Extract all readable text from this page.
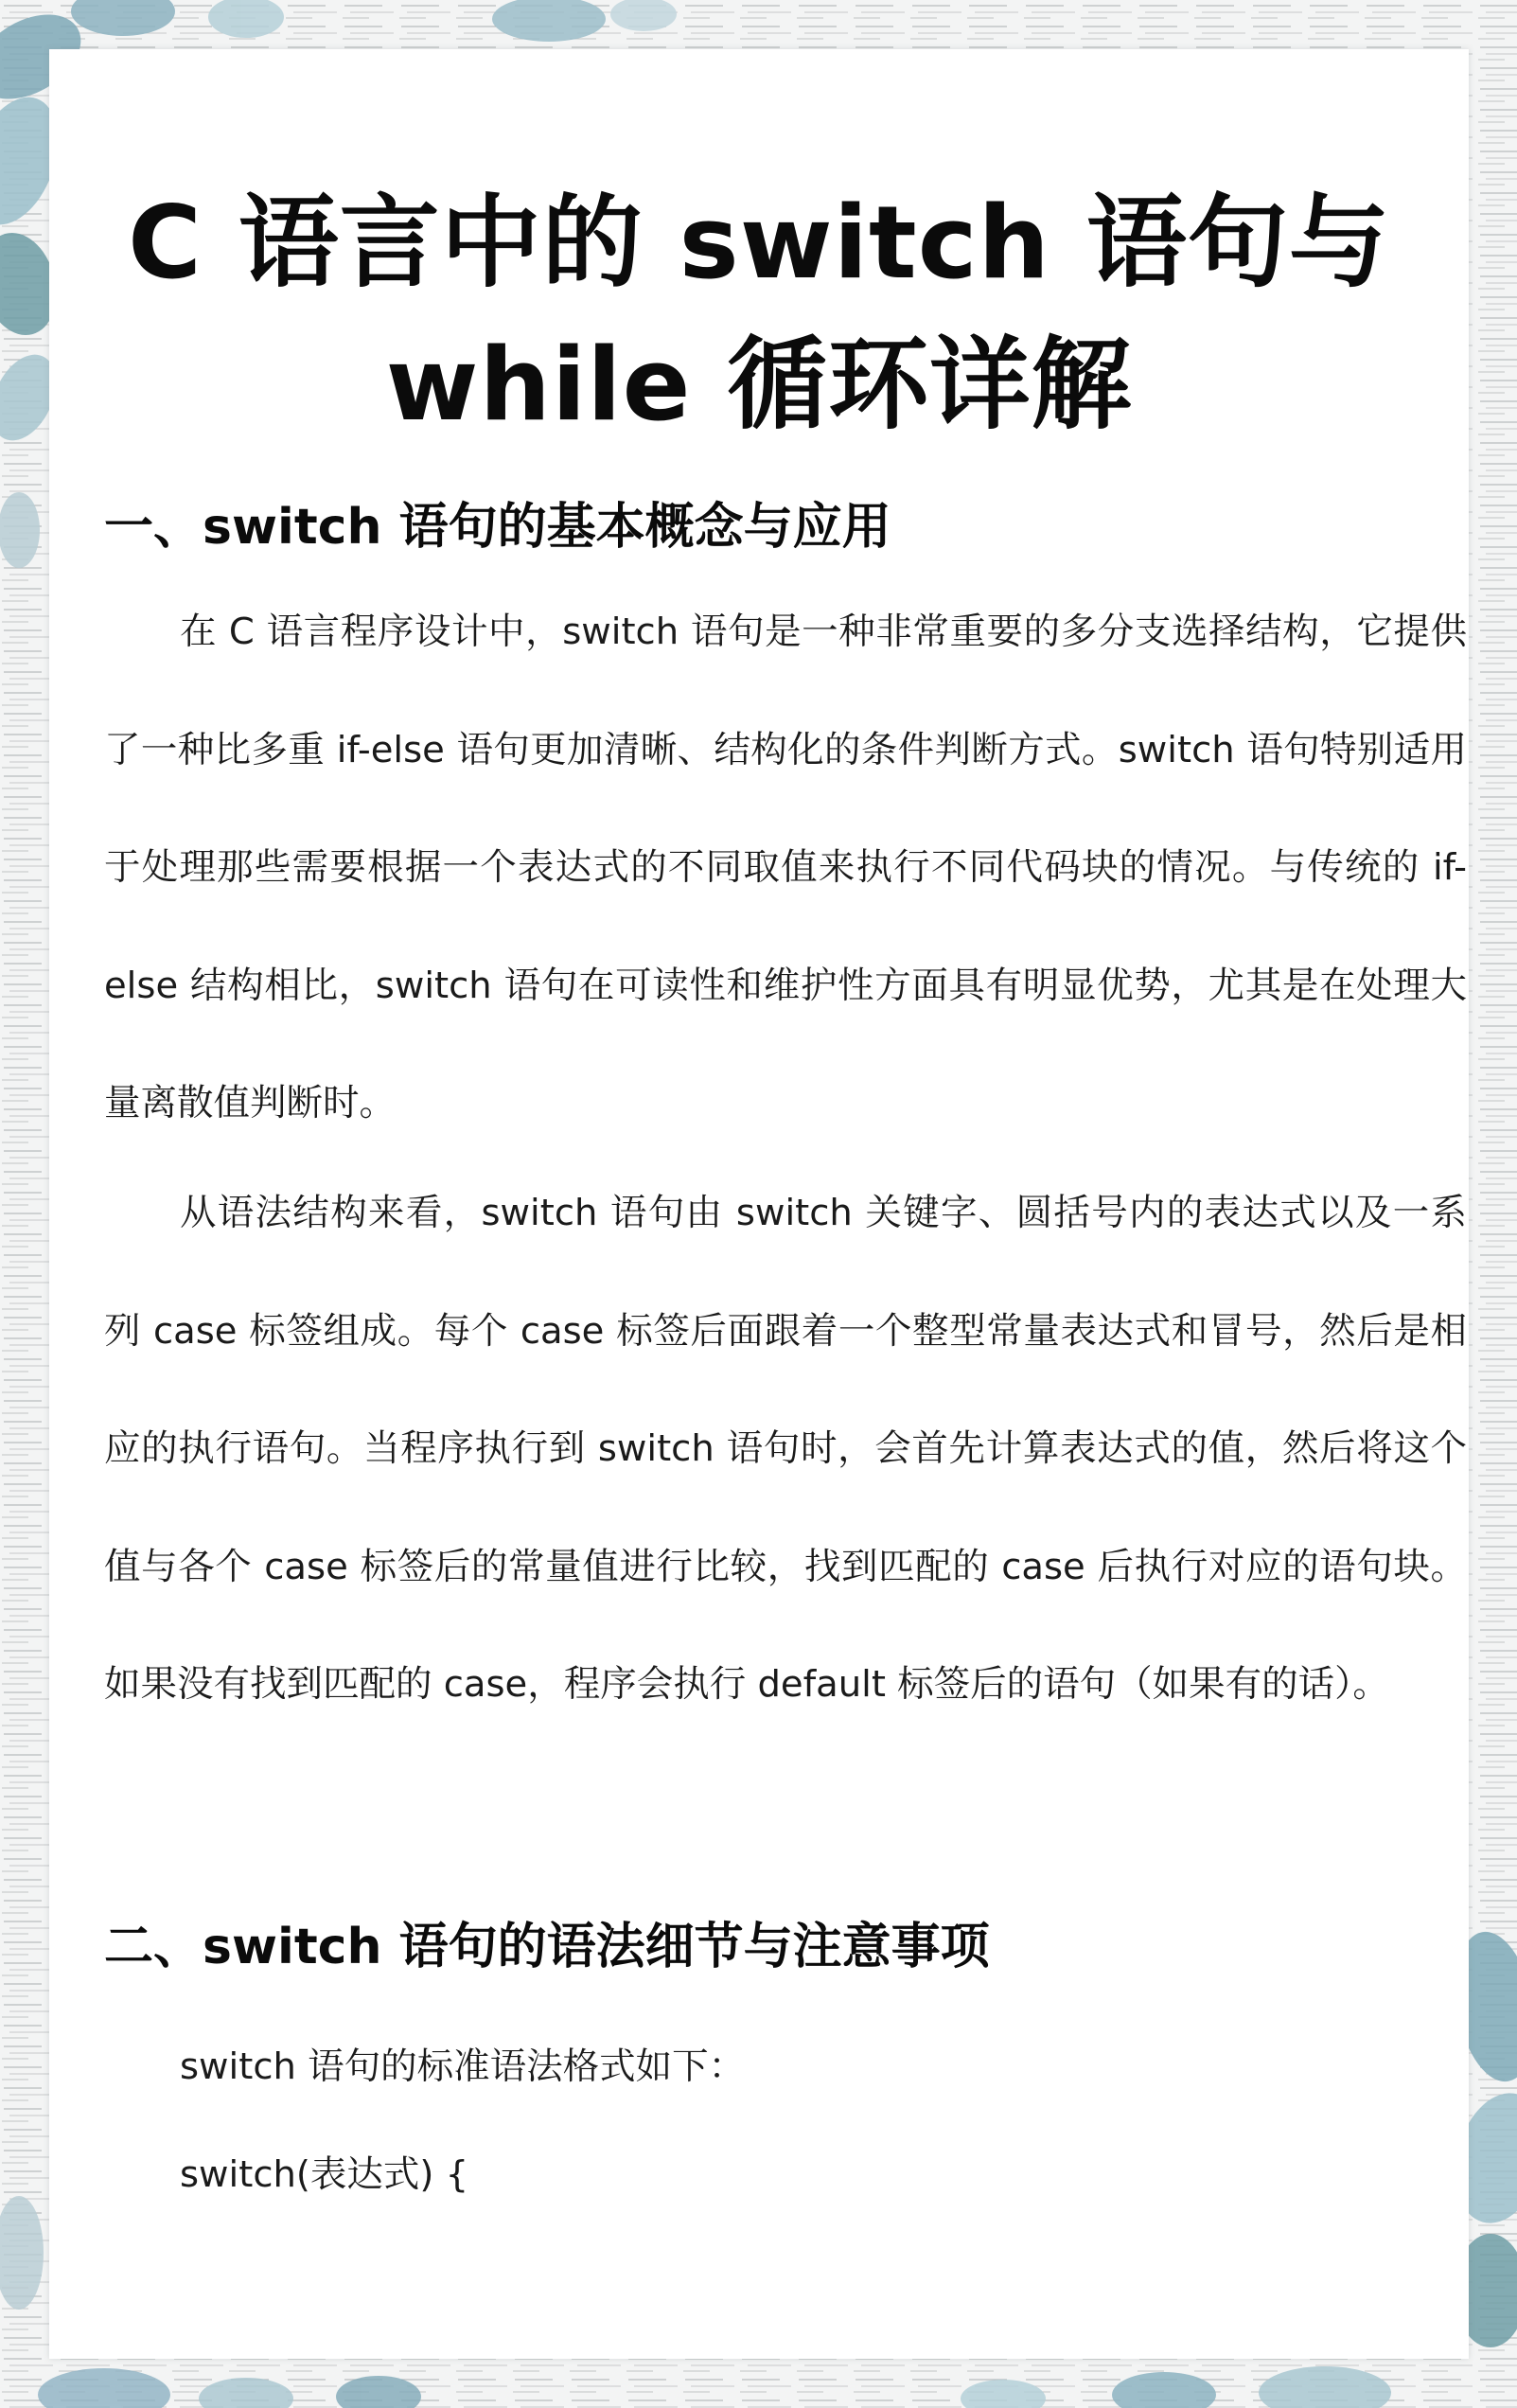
C 语言中的 switch 语句与
while 循环详解
一、switch 语句的基本概念与应用

在 C 语言程序设计中，switch 语句是一种非常重要的多分支选择结构，它提供了一种比多重 if-else 语句更加清晰、结构化的条件判断方式。switch 语句特别适用于处理那些需要根据一个表达式的不同取值来执行不同代码块的情况。与传统的 if-else 结构相比，switch 语句在可读性和维护性方面具有明显优势，尤其是在处理大量离散值判断时。

从语法结构来看，switch 语句由 switch 关键字、圆括号内的表达式以及一系列 case 标签组成。每个 case 标签后面跟着一个整型常量表达式和冒号，然后是相应的执行语句。当程序执行到 switch 语句时，会首先计算表达式的值，然后将这个值与各个 case 标签后的常量值进行比较，找到匹配的 case 后执行对应的语句块。如果没有找到匹配的 case，程序会执行 default 标签后的语句（如果有的话）。

二、switch 语句的语法细节与注意事项

switch 语句的标准语法格式如下：

switch(表达式) {
